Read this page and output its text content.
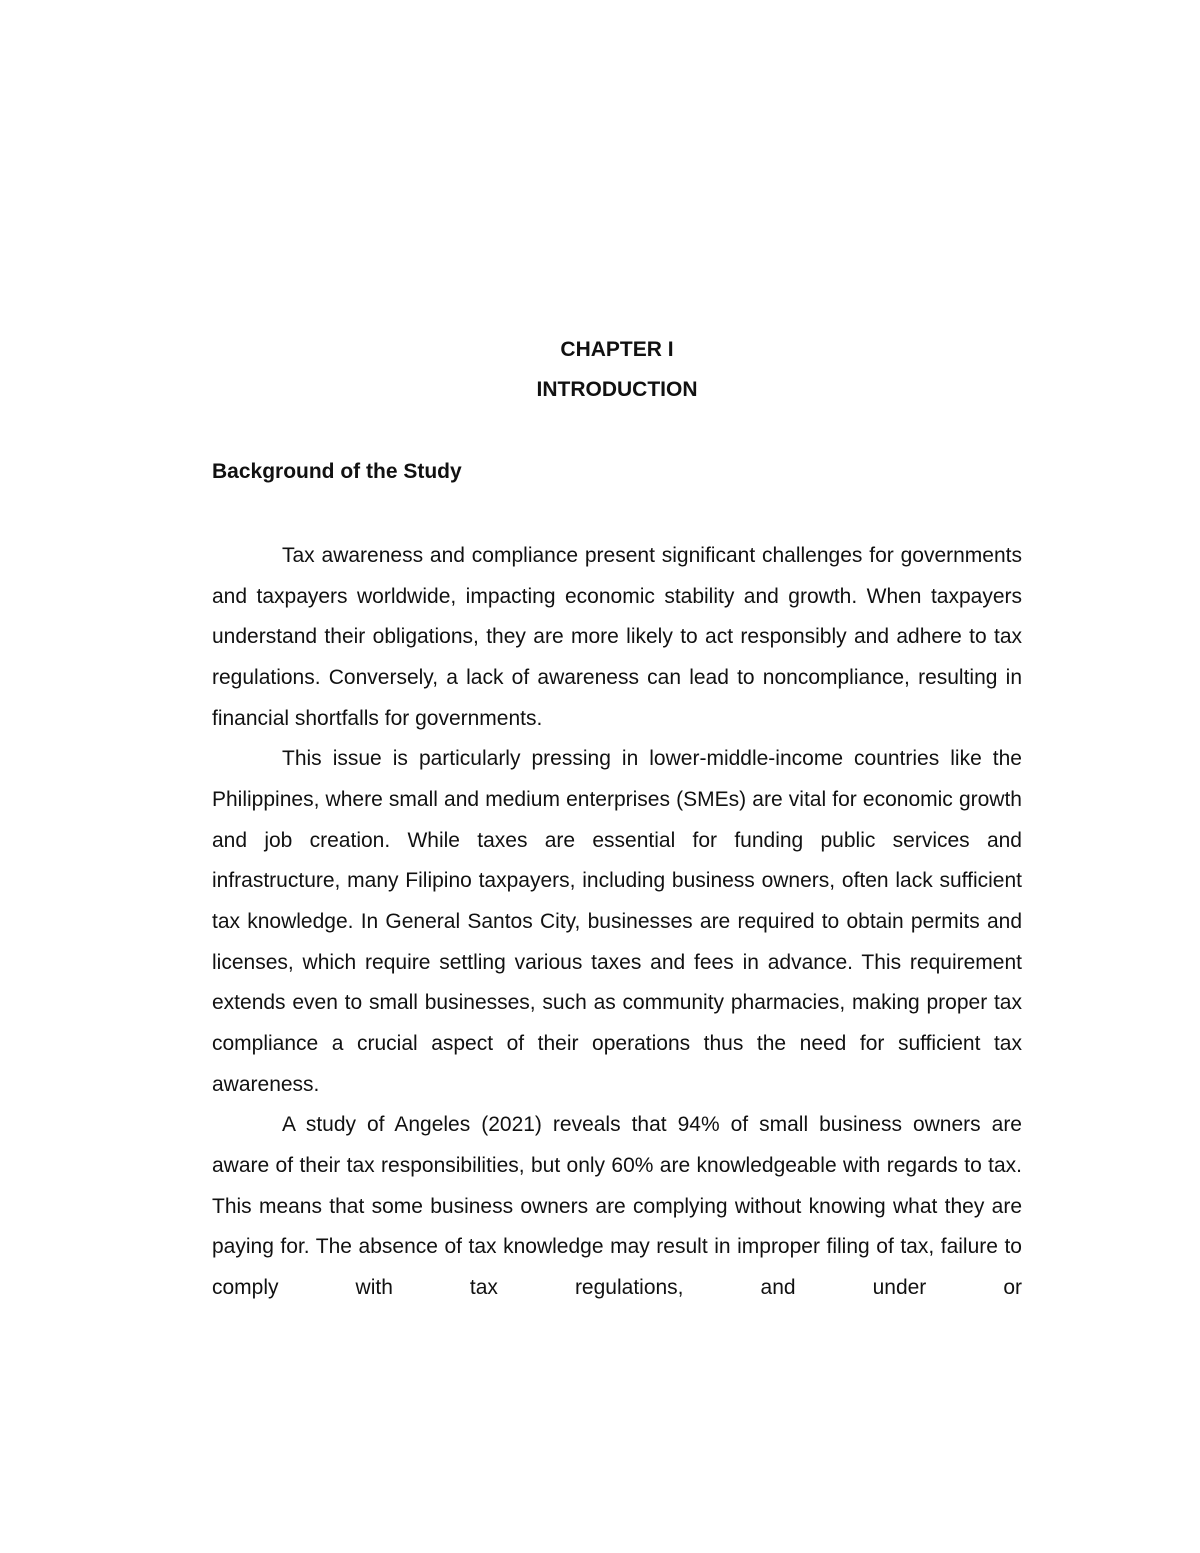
CHAPTER I
INTRODUCTION
Background of the Study

Tax awareness and compliance present significant challenges for governments and taxpayers worldwide, impacting economic stability and growth. When taxpayers understand their obligations, they are more likely to act responsibly and adhere to tax regulations. Conversely, a lack of awareness can lead to noncompliance, resulting in financial shortfalls for governments.

This issue is particularly pressing in lower-middle-income countries like the Philippines, where small and medium enterprises (SMEs) are vital for economic growth and job creation. While taxes are essential for funding public services and infrastructure, many Filipino taxpayers, including business owners, often lack sufficient tax knowledge. In General Santos City, businesses are required to obtain permits and licenses, which require settling various taxes and fees in advance. This requirement extends even to small businesses, such as community pharmacies, making proper tax compliance a crucial aspect of their operations thus the need for sufficient tax awareness.

A study of Angeles (2021) reveals that 94% of small business owners are aware of their tax responsibilities, but only 60% are knowledgeable with regards to tax. This means that some business owners are complying without knowing what they are paying for. The absence of tax knowledge may result in improper filing of tax, failure to comply with tax regulations, and under or
